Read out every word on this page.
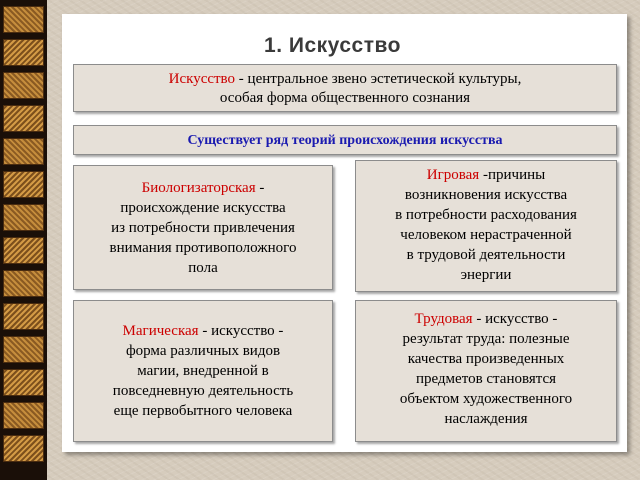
1. Искусство
Искусство - центральное звено эстетической культуры,
особая форма общественного сознания
Существует ряд теорий происхождения искусства
Биологизаторская -
происхождение искусства
из потребности привлечения
внимания противоположного
пола
Игровая -причины
возникновения искусства
в потребности расходования
человеком нерастраченной
в трудовой деятельности
энергии
Магическая - искусство -
форма различных видов
магии, внедренной в
повседневную деятельность
еще первобытного человека
Трудовая - искусство -
результат труда: полезные
качества произведенных
предметов становятся
объектом художественного
наслаждения
